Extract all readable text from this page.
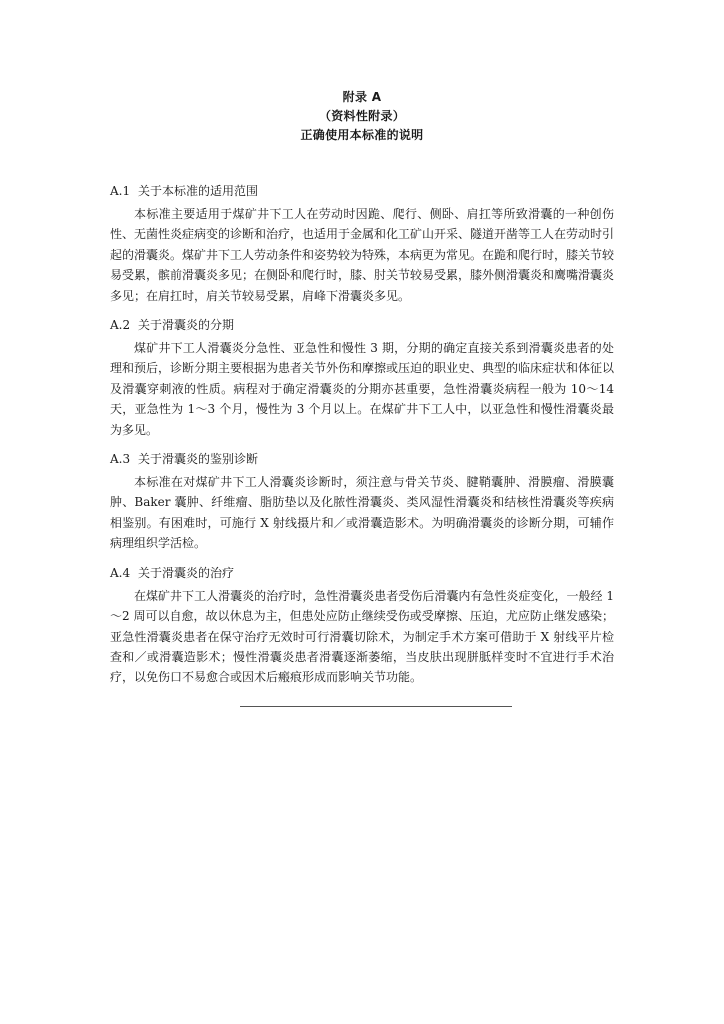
附录 A
（资料性附录）
正确使用本标准的说明
A.1 关于本标准的适用范围

本标准主要适用于煤矿井下工人在劳动时因跪、爬行、侧卧、肩扛等所致滑囊的一种创伤性、无菌性炎症病变的诊断和治疗，也适用于金属和化工矿山开采、隧道开凿等工人在劳动时引起的滑囊炎。煤矿井下工人劳动条件和姿势较为特殊，本病更为常见。在跪和爬行时，膝关节较易受累，髌前滑囊炎多见；在侧卧和爬行时，膝、肘关节较易受累，膝外侧滑囊炎和鹰嘴滑囊炎多见；在肩扛时，肩关节较易受累，肩峰下滑囊炎多见。

A.2 关于滑囊炎的分期

煤矿井下工人滑囊炎分急性、亚急性和慢性 3 期，分期的确定直接关系到滑囊炎患者的处理和预后，诊断分期主要根据为患者关节外伤和摩擦或压迫的职业史、典型的临床症状和体征以及滑囊穿刺液的性质。病程对于确定滑囊炎的分期亦甚重要，急性滑囊炎病程一般为 10～14 天，亚急性为 1～3 个月，慢性为 3 个月以上。在煤矿井下工人中，以亚急性和慢性滑囊炎最为多见。

A.3 关于滑囊炎的鉴别诊断

本标准在对煤矿井下工人滑囊炎诊断时，须注意与骨关节炎、腱鞘囊肿、滑膜瘤、滑膜囊肿、Baker 囊肿、纤维瘤、脂肪垫以及化脓性滑囊炎、类风湿性滑囊炎和结核性滑囊炎等疾病相鉴别。有困难时，可施行 X 射线摄片和／或滑囊造影术。为明确滑囊炎的诊断分期，可辅作病理组织学活检。

A.4 关于滑囊炎的治疗

在煤矿井下工人滑囊炎的治疗时，急性滑囊炎患者受伤后滑囊内有急性炎症变化，一般经 1～2 周可以自愈，故以休息为主，但患处应防止继续受伤或受摩擦、压迫，尤应防止继发感染；亚急性滑囊炎患者在保守治疗无效时可行滑囊切除术，为制定手术方案可借助于 X 射线平片检查和／或滑囊造影术；慢性滑囊炎患者滑囊逐渐萎缩，当皮肤出现胼胝样变时不宜进行手术治疗，以免伤口不易愈合或因术后瘢痕形成而影响关节功能。
